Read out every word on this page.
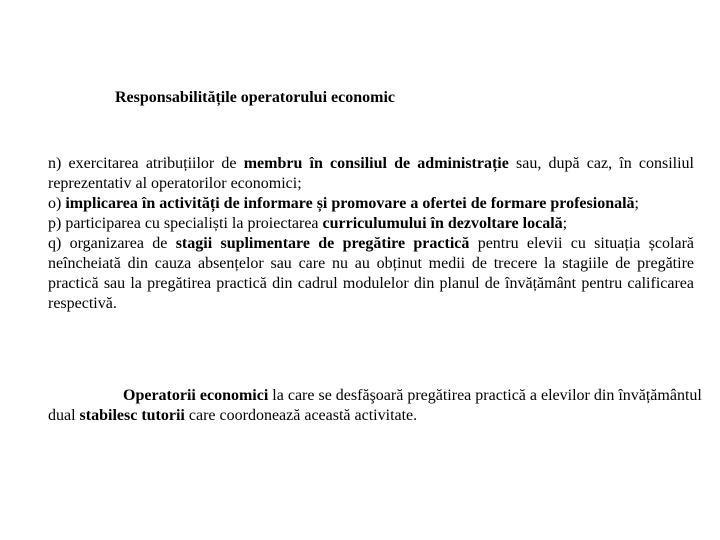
Responsabilitățile operatorului economic

n) exercitarea atribuțiilor de membru în consiliul de administrație sau, după caz, în consiliul reprezentativ al operatorilor economici;

o) implicarea în activități de informare și promovare a ofertei de formare profesională;

p) participarea cu specialiști la proiectarea curriculumului în dezvoltare locală;

q) organizarea de stagii suplimentare de pregătire practică pentru elevii cu situația școlară neîncheiată din cauza absențelor sau care nu au obținut medii de trecere la stagiile de pregătire practică sau la pregătirea practică din cadrul modulelor din planul de învățământ pentru calificarea respectivă.

Operatorii economici la care se desfăşoară pregătirea practică a elevilor din învățământul dual stabilesc tutorii care coordonează această activitate.
